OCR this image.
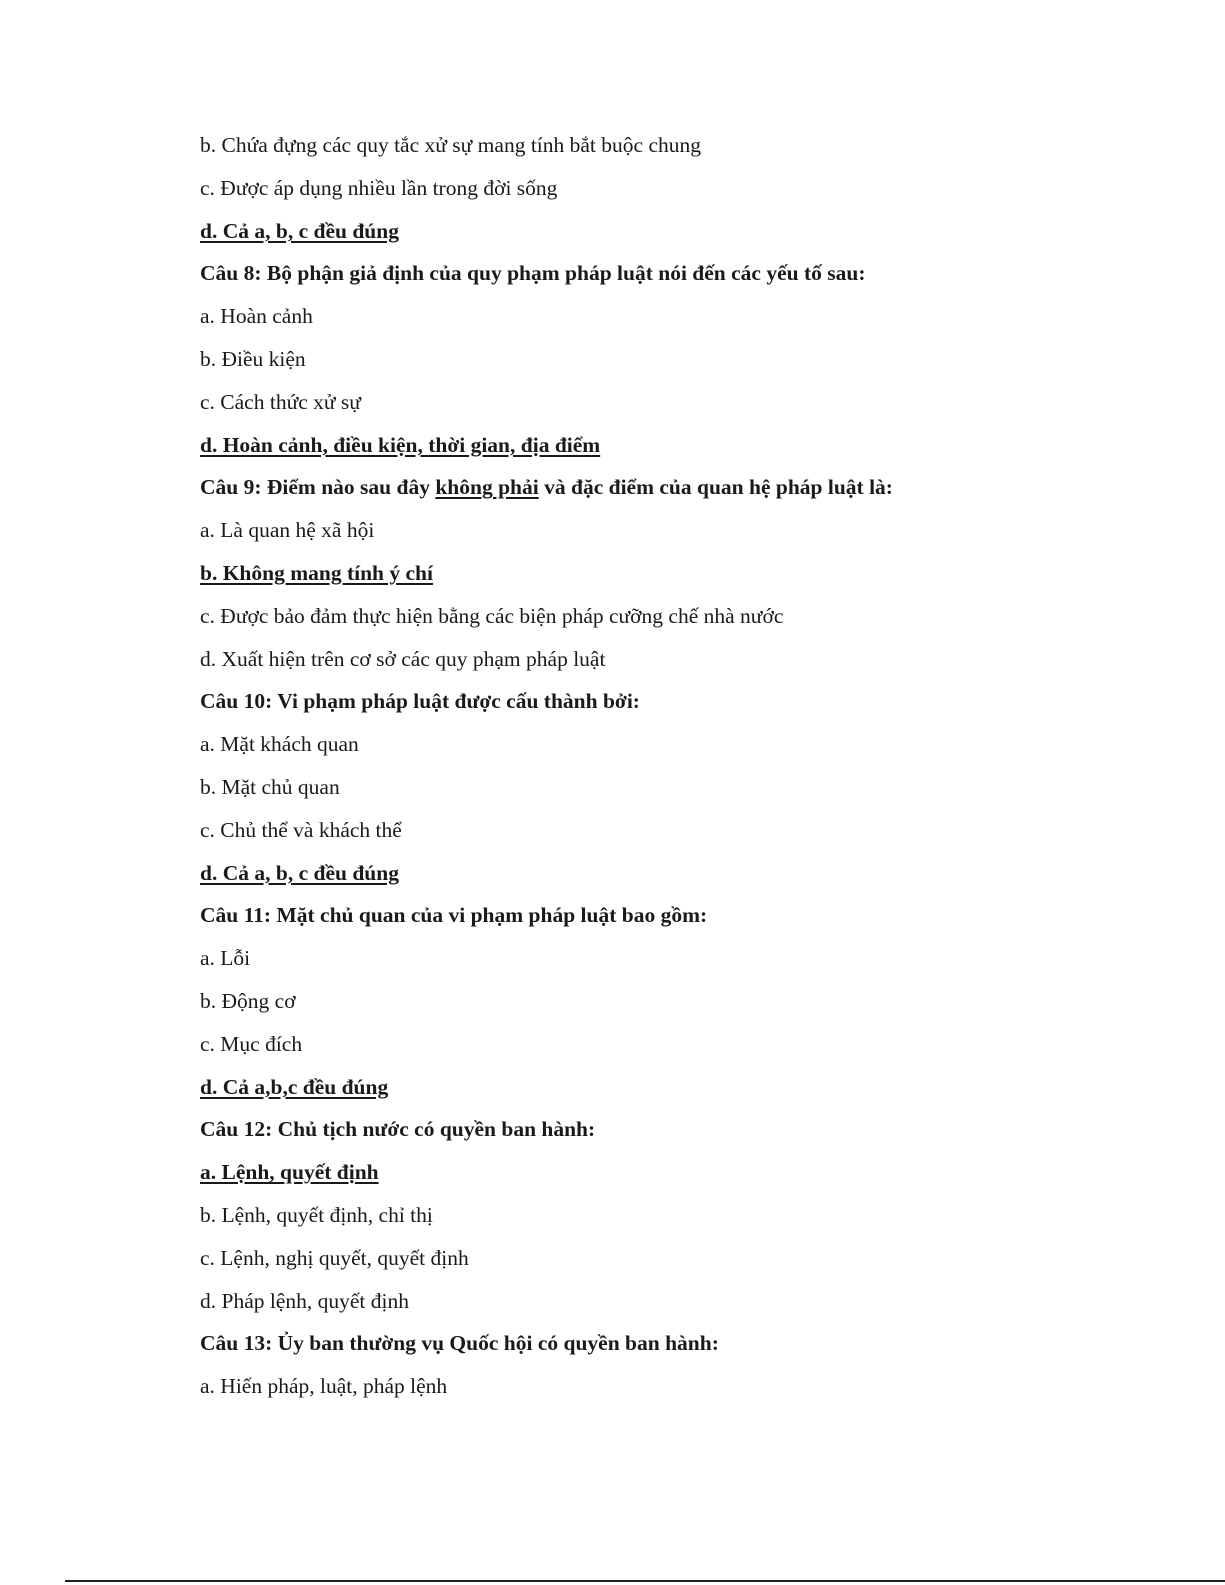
b. Chứa đựng các quy tắc xử sự mang tính bắt buộc chung
c. Được áp dụng nhiều lần trong đời sống
d. Cả a, b, c đều đúng
Câu 8: Bộ phận giả định của quy phạm pháp luật nói đến các yếu tố sau:
a. Hoàn cảnh
b. Điều kiện
c. Cách thức xử sự
d. Hoàn cảnh, điều kiện, thời gian, địa điểm
Câu 9: Điểm nào sau đây không phải và đặc điểm của quan hệ pháp luật là:
a. Là quan hệ xã hội
b. Không mang tính ý chí
c. Được bảo đảm thực hiện bằng các biện pháp cưỡng chế nhà nước
d. Xuất hiện trên cơ sở các quy phạm pháp luật
Câu 10: Vi phạm pháp luật được cấu thành bởi:
a. Mặt khách quan
b. Mặt chủ quan
c. Chủ thể và khách thể
d. Cả a, b, c đều đúng
Câu 11: Mặt chủ quan của vi phạm pháp luật bao gồm:
a. Lỗi
b. Động cơ
c. Mục đích
d. Cả a,b,c đều đúng
Câu 12: Chủ tịch nước có quyền ban hành:
a. Lệnh, quyết định
b. Lệnh, quyết định, chỉ thị
c. Lệnh, nghị quyết, quyết định
d. Pháp lệnh, quyết định
Câu 13: Ủy ban thường vụ Quốc hội có quyền ban hành:
a. Hiến pháp, luật, pháp lệnh
